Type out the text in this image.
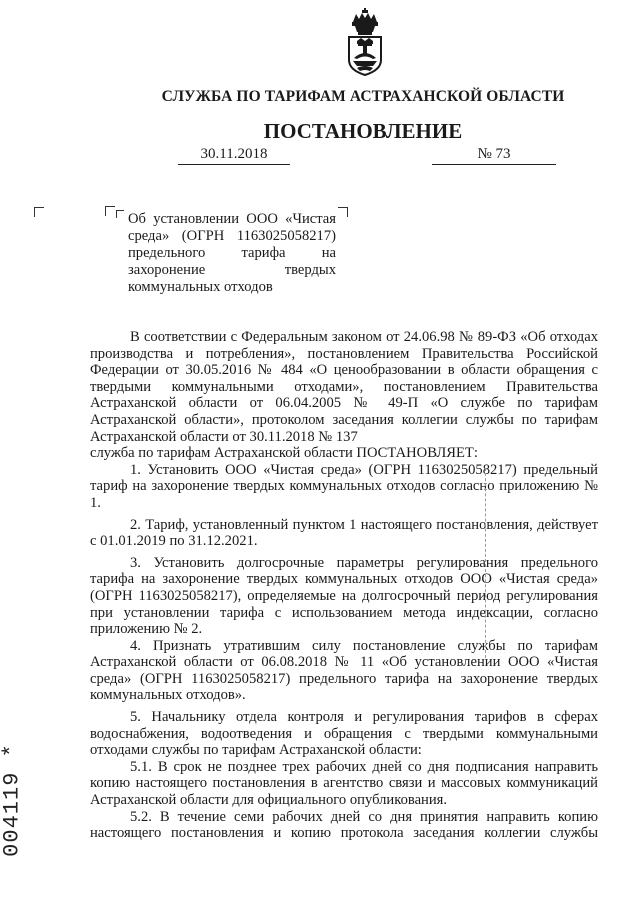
СЛУЖБА ПО ТАРИФАМ АСТРАХАНСКОЙ ОБЛАСТИ
ПОСТАНОВЛЕНИЕ
30.11.2018	№ 73
Об установлении ООО «Чистая среда» (ОГРН 1163025058217) предельного тарифа на захоронение твердых коммунальных отходов

В соответствии с Федеральным законом от 24.06.98 № 89-ФЗ «Об отходах производства и потребления», постановлением Правительства Российской Федерации от 30.05.2016 № 484 «О ценообразовании в области обращения с твердыми коммунальными отходами», постановлением Правительства Астраханской области от 06.04.2005 № 49-П «О службе по тарифам Астраханской области», протоколом заседания коллегии службы по тарифам Астраханской области от 30.11.2018 № 137

служба по тарифам Астраханской области ПОСТАНОВЛЯЕТ:

1. Установить ООО «Чистая среда» (ОГРН 1163025058217) предельный тариф на захоронение твердых коммунальных отходов согласно приложению № 1.

2. Тариф, установленный пунктом 1 настоящего постановления, действует с 01.01.2019 по 31.12.2021.

3. Установить долгосрочные параметры регулирования предельного тарифа на захоронение твердых коммунальных отходов ООО «Чистая среда» (ОГРН 1163025058217), определяемые на долгосрочный период регулирования при установлении тарифа с использованием метода индексации, согласно приложению № 2.

4. Признать утратившим силу постановление службы по тарифам Астраханской области от 06.08.2018 № 11 «Об установлении ООО «Чистая среда» (ОГРН 1163025058217) предельного тарифа на захоронение твердых коммунальных отходов».

5. Начальнику отдела контроля и регулирования тарифов в сферах водоснабжения, водоотведения и обращения с твердыми коммунальными отходами службы по тарифам Астраханской области:

5.1. В срок не позднее трех рабочих дней со дня подписания направить копию настоящего постановления в агентство связи и массовых коммуникаций Астраханской области для официального опубликования.

5.2. В течение семи рабочих дней со дня принятия направить копию настоящего постановления и копию протокола заседания коллегии службы

004119 *
